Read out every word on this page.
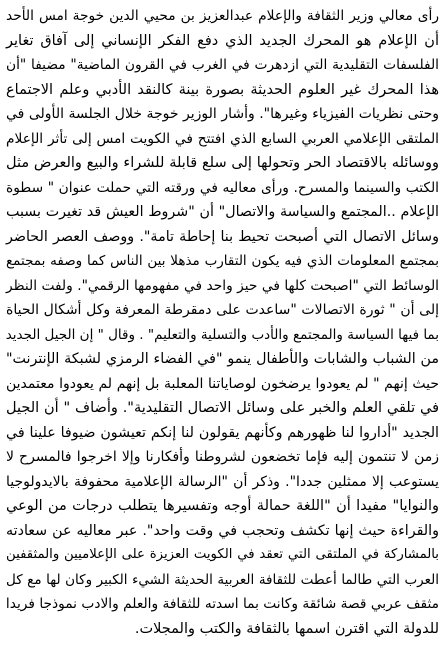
رأى معالي وزير الثقافة والإعلام عبدالعزيز بن محيي الدين خوجة امس الأحد
أن الإعلام هو المحرك الجديد الذي دفع الفكر الإنساني إلى آفاق تغاير
الفلسفات التقليدية التي ازدهرت في الغرب في القرون الماضية" مضيفا "أن
هذا المحرك غير العلوم الحديثة بصورة بينة كالنقد الأدبي وعلم الاجتماع
وحتى نظريات الفيزياء وغيرها". وأشار الوزير خوجة خلال الجلسة الأولى في
الملتقى الإعلامي العربي السابع الذي افتتح في الكويت امس إلى تأثر الإعلام
ووسائله بالاقتصاد الحر وتحولها إلى سلع قابلة للشراء والبيع والعرض مثل
الكتب والسينما والمسرح. ورأى معاليه في ورقته التي حملت عنوان " سطوة
الإعلام ..المجتمع والسياسة والاتصال" أن "شروط العيش قد تغيرت بسبب
وسائل الاتصال التي أصبحت تحيط بنا إحاطة تامة". ووصف العصر الحاضر
بمجتمع المعلومات الذي فيه يكون التقارب مذهلا بين الناس كما وصفه بمجتمع
الوسائط التي "اصبحت كلها في حيز واحد في مفهومها الرقمي". ولفت النظر
إلى أن " ثورة الاتصالات "ساعدت على دمقرطة المعرفة وكل أشكال الحياة
بما فيها السياسة والمجتمع والأدب والتسلية والتعليم" . وقال " إن الجيل الجديد
من الشباب والشابات والأطفال ينمو "في الفضاء الرمزي لشبكة الإنترنت"
حيث إنهم " لم يعودوا يرضخون لوصاياتنا المعلبة بل إنهم لم يعودوا معتمدين
في تلقي العلم والخبر على وسائل الاتصال التقليدية". وأضاف " أن الجيل
الجديد "أداروا لنا ظهورهم وكأنهم يقولون لنا إنكم تعيشون ضيوفا علينا في
زمن لا تنتمون إليه فإما تخضعون لشروطنا وأفكارنا وإلا اخرجوا فالمسرح لا
يستوعب إلا ممثلين جددا". وذكر أن "الرسالة الإعلامية محفوفة بالايدولوجيا
والنوايا" مفيدا أن "اللغة حمالة أوجه وتفسيرها يتطلب درجات من الوعي
والقراءة حيث إنها تكشف وتحجب في وقت واحد". عبر معاليه عن سعادته
بالمشاركة في الملتقى التي تعقد في الكويت العزيزة على الإعلاميين والمثقفين
العرب التي طالما أعطت للثقافة العربية الحديثة الشيء الكبير وكان لها مع كل
مثقف عربي قصة شائقة وكانت بما اسدته للثقافة والعلم والادب نموذجا فريدا
للدولة التي اقترن اسمها بالثقافة والكتب والمجلات.
